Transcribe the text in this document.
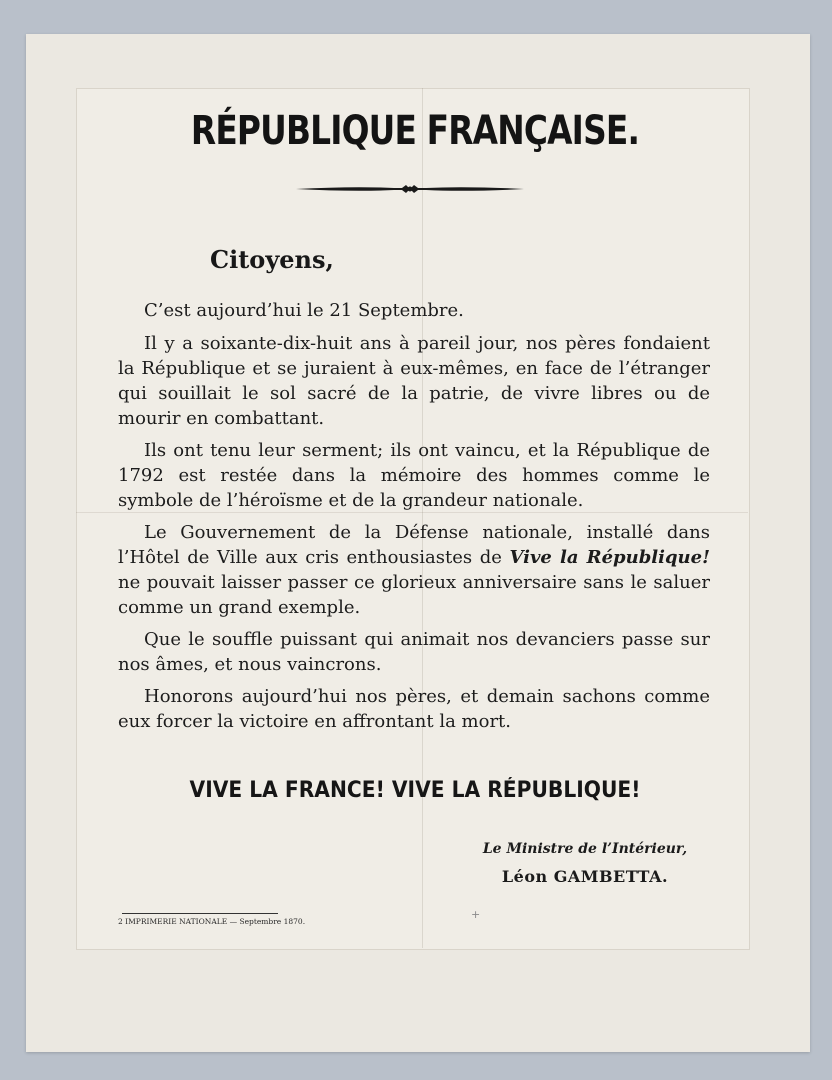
RÉPUBLIQUE FRANÇAISE.
Citoyens,

C’est aujourd’hui le 21 Septembre.

Il y a soixante-dix-huit ans à pareil jour, nos pères fondaient la République et se juraient à eux-mêmes, en face de l’étranger qui souillait le sol sacré de la patrie, de vivre libres ou de mourir en combattant.

Ils ont tenu leur serment; ils ont vaincu, et la République de 1792 est restée dans la mémoire des hommes comme le symbole de l’héroïsme et de la grandeur nationale.

Le Gouvernement de la Défense nationale, installé dans l’Hôtel de Ville aux cris enthousiastes de Vive la République! ne pouvait laisser passer ce glorieux anniversaire sans le saluer comme un grand exemple.

Que le souffle puissant qui animait nos devanciers passe sur nos âmes, et nous vaincrons.

Honorons aujourd’hui nos pères, et demain sachons comme eux forcer la victoire en affrontant la mort.

VIVE LA FRANCE! VIVE LA RÉPUBLIQUE!
Le Ministre de l’Intérieur,
Léon GAMBETTA.
2 IMPRIMERIE NATIONALE — Septembre 1870.
+
